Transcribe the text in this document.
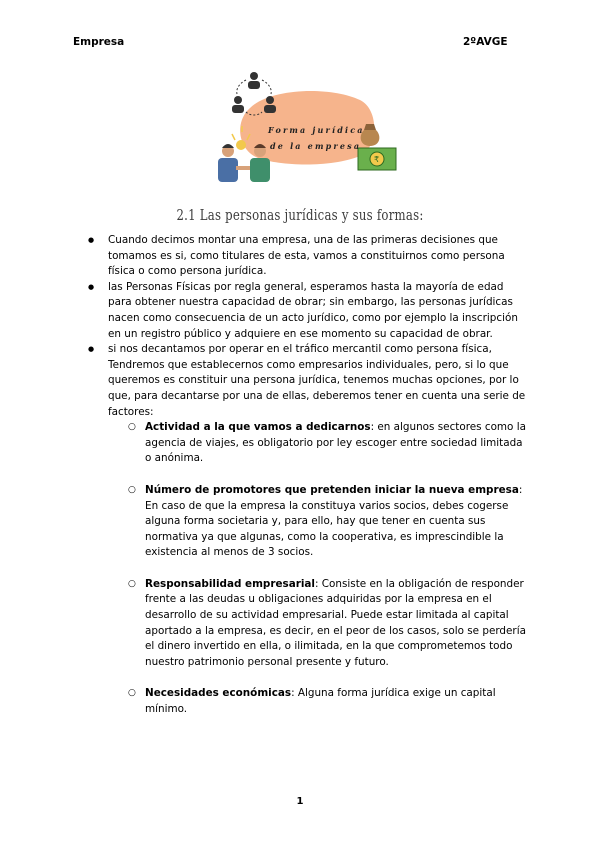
Empresa	2ºAVGE
₹
Forma jurídica
de la empresa
2.1 Las personas jurídicas y sus formas:
● Cuando decimos montar una empresa, una de las primeras decisiones que tomamos es si, como titulares de esta, vamos a constituirnos como persona física o como persona jurídica.
● las Personas Físicas por regla general, esperamos hasta la mayoría de edad para obtener nuestra capacidad de obrar; sin embargo, las personas jurídicas nacen como consecuencia de un acto jurídico, como por ejemplo la inscripción en un registro público y adquiere en ese momento su capacidad de obrar.
● si nos decantamos por operar en el tráfico mercantil como persona física, Tendremos que establecernos como empresarios individuales, pero, si lo que queremos es constituir una persona jurídica, tenemos muchas opciones, por lo que, para decantarse por una de ellas, deberemos tener en cuenta una serie de factores:
○ Actividad a la que vamos a dedicarnos: en algunos sectores como la agencia de viajes, es obligatorio por ley escoger entre sociedad limitada o anónima.
○ Número de promotores que pretenden iniciar la nueva empresa: En caso de que la empresa la constituya varios socios, debes cogerse alguna forma societaria y, para ello, hay que tener en cuenta sus normativa ya que algunas, como la cooperativa, es imprescindible la existencia al menos de 3 socios.
○ Responsabilidad empresarial: Consiste en la obligación de responder frente a las deudas u obligaciones adquiridas por la empresa en el desarrollo de su actividad empresarial. Puede estar limitada al capital aportado a la empresa, es decir, en el peor de los casos, solo se perdería el dinero invertido en ella, o ilimitada, en la que comprometemos todo nuestro patrimonio personal presente y futuro.
○ Necesidades económicas: Alguna forma jurídica exige un capital mínimo.
1
